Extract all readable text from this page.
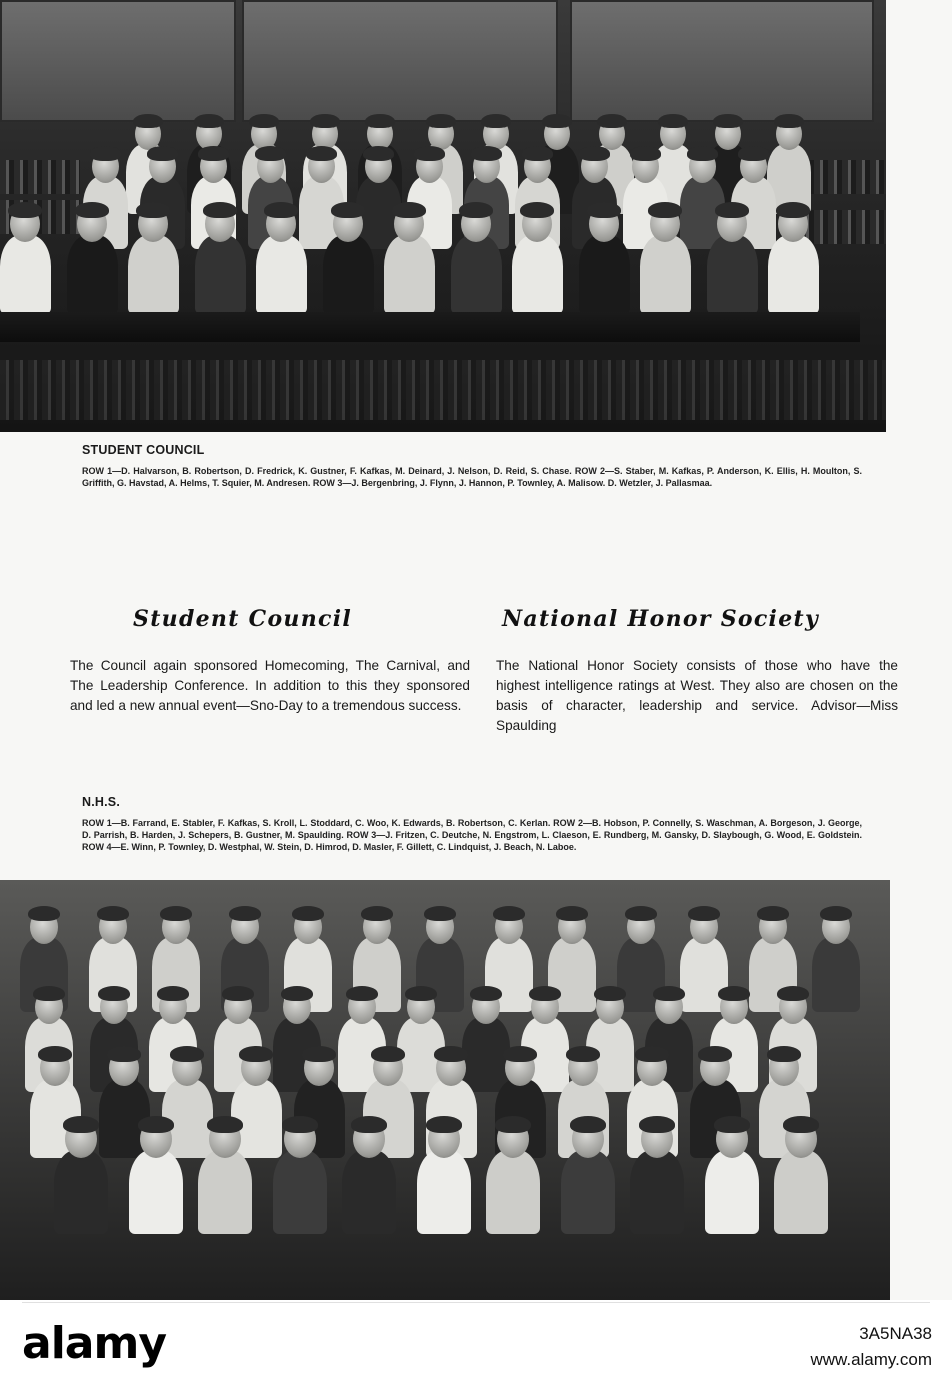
STUDENT COUNCIL

ROW 1—D. Halvarson, B. Robertson, D. Fredrick, K. Gustner, F. Kafkas, M. Deinard, J. Nelson, D. Reid, S. Chase. ROW 2—S. Staber, M. Kafkas, P. Anderson, K. Ellis, H. Moulton, S. Griffith, G. Havstad, A. Helms, T. Squier, M. Andresen. ROW 3—J. Bergenbring, J. Flynn, J. Hannon, P. Townley, A. Malisow. D. Wetzler, J. Pallasmaa.

Student Council	National Honor Society
The Council again sponsored Homecoming, The Carnival, and The Leadership Conference. In addition to this they sponsored and led a new annual event—Sno-Day to a tremendous success.
The National Honor Society consists of those who have the highest intelligence ratings at West. They also are chosen on the basis of character, leadership and service. Advisor—Miss Spaulding

N.H.S.

ROW 1—B. Farrand, E. Stabler, F. Kafkas, S. Kroll, L. Stoddard, C. Woo, K. Edwards, B. Robertson, C. Kerlan. ROW 2—B. Hobson, P. Connelly, S. Waschman, A. Borgeson, J. George, D. Parrish, B. Harden, J. Schepers, B. Gustner, M. Spaulding. ROW 3—J. Fritzen, C. Deutche, N. Engstrom, L. Claeson, E. Rundberg, M. Gansky, D. Slaybough, G. Wood, E. Goldstein. ROW 4—E. Winn, P. Townley, D. Westphal, W. Stein, D. Himrod, D. Masler, F. Gillett, C. Lindquist, J. Beach, N. Laboe.

alamy	3A5NA38
www.alamy.com
